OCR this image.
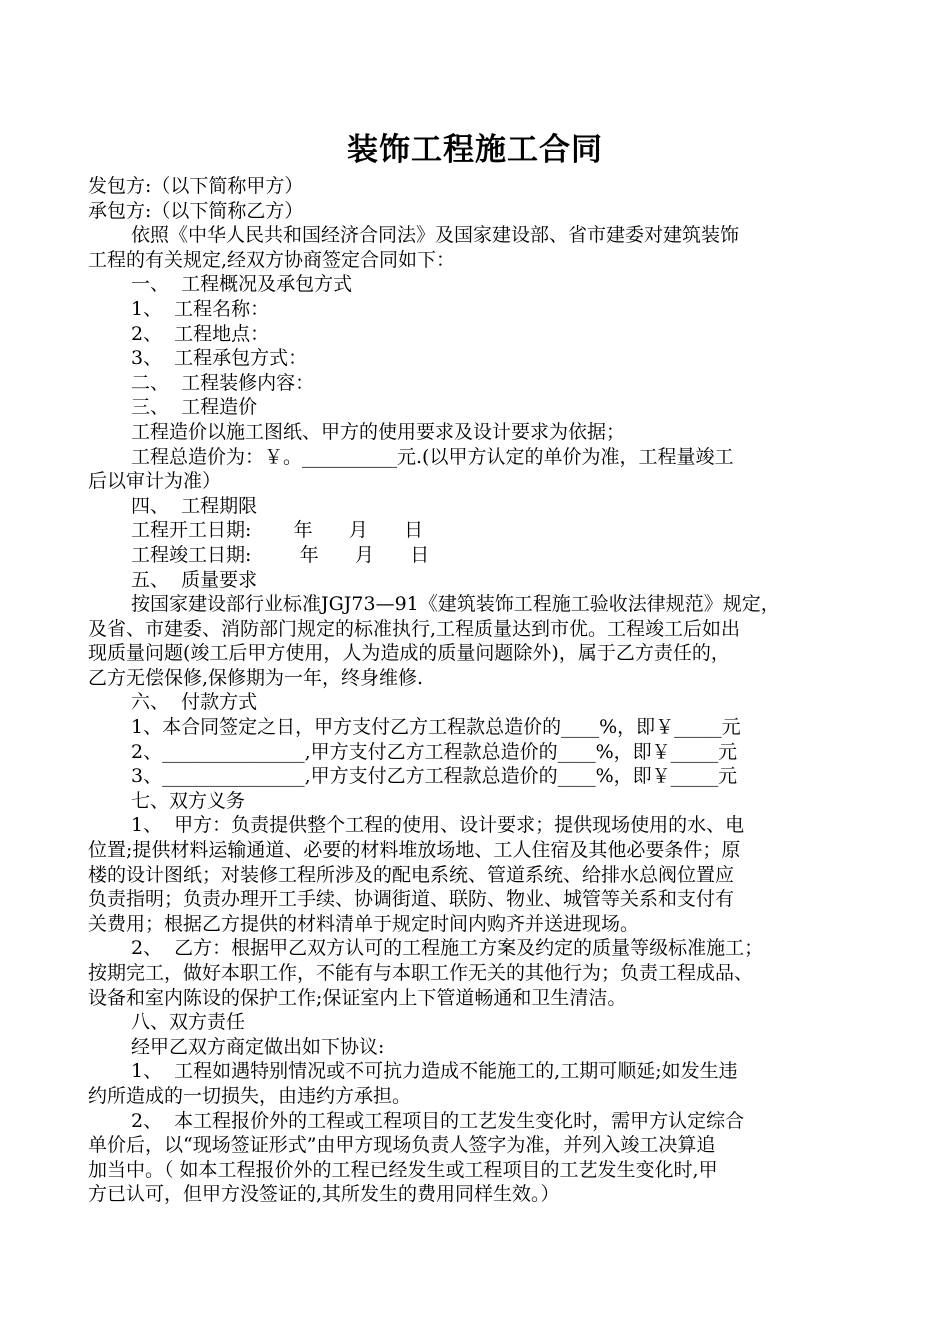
装饰工程施工合同
发包方:（以下简称甲方）
承包方:（以下简称乙方）
依照《中华人民共和国经济合同法》及国家建设部、省市建委对建筑装饰
工程的有关规定,经双方协商签定合同如下：
一、  工程概况及承包方式
1、  工程名称：
2、  工程地点：
3、  工程承包方式：
二、  工程装修内容：
三、  工程造价
工程造价以施工图纸、甲方的使用要求及设计要求为依据；
工程总造价为：￥。__________元.(以甲方认定的单价为准，工程量竣工
后以审计为准）
四、  工程期限
工程开工日期:       年      月      日
工程竣工日期:        年      月      日
五、  质量要求
按国家建设部行业标准JGJ73—91《建筑装饰工程施工验收法律规范》规定，
及省、市建委、消防部门规定的标准执行,工程质量达到市优。工程竣工后如出
现质量问题(竣工后甲方使用，人为造成的质量问题除外)，属于乙方责任的，
乙方无偿保修,保修期为一年，终身维修.
六、  付款方式
1、本合同签定之日，甲方支付乙方工程款总造价的____%，即￥_____元
2、_______________,甲方支付乙方工程款总造价的____%，即￥_____元
3、_______________,甲方支付乙方工程款总造价的____%，即￥_____元
七、双方义务
1、  甲方：负责提供整个工程的使用、设计要求；提供现场使用的水、电
位置;提供材料运输通道、必要的材料堆放场地、工人住宿及其他必要条件；原
楼的设计图纸；对装修工程所涉及的配电系统、管道系统、给排水总阀位置应
负责指明；负责办理开工手续、协调街道、联防、物业、城管等关系和支付有
关费用；根据乙方提供的材料清单于规定时间内购齐并送进现场。
2、  乙方：根据甲乙双方认可的工程施工方案及约定的质量等级标准施工；
按期完工，做好本职工作，不能有与本职工作无关的其他行为；负责工程成品、
设备和室内陈设的保护工作;保证室内上下管道畅通和卫生清洁。
八、双方责任
经甲乙双方商定做出如下协议:
1、  工程如遇特别情况或不可抗力造成不能施工的,工期可顺延;如发生违
约所造成的一切损失，由违约方承担。
2、  本工程报价外的工程或工程项目的工艺发生变化时，需甲方认定综合
单价后，以“现场签证形式”由甲方现场负责人签字为准，并列入竣工决算追
加当中。（ 如本工程报价外的工程已经发生或工程项目的工艺发生变化时,甲
方已认可，但甲方没签证的,其所发生的费用同样生效。）
